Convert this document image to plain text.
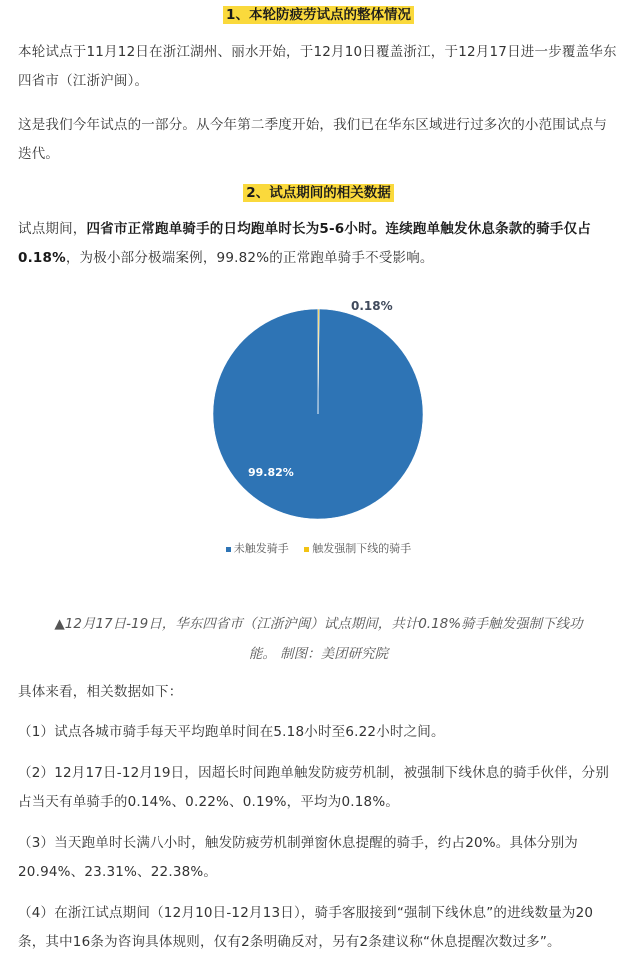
1、本轮防疲劳试点的整体情况

本轮试点于11月12日在浙江湖州、丽水开始，于12月10日覆盖浙江，于12月17日进一步覆盖华东四省市（江浙沪闽）。

这是我们今年试点的一部分。从今年第二季度开始，我们已在华东区域进行过多次的小范围试点与迭代。

2、试点期间的相关数据

试点期间，四省市正常跑单骑手的日均跑单时长为5-6小时。连续跑单触发休息条款的骑手仅占0.18%，为极小部分极端案例，99.82%的正常跑单骑手不受影响。

99.82%
0.18%
未触发骑手 触发强制下线的骑手
▲12月17日-19日，华东四省市（江浙沪闽）试点期间，共计0.18%骑手触发强制下线功
能。 制图：美团研究院

具体来看，相关数据如下：

（1）试点各城市骑手每天平均跑单时间在5.18小时至6.22小时之间。

（2）12月17日-12月19日，因超长时间跑单触发防疲劳机制，被强制下线休息的骑手伙伴，分别占当天有单骑手的0.14%、0.22%、0.19%，平均为0.18%。

（3）当天跑单时长满八小时，触发防疲劳机制弹窗休息提醒的骑手，约占20%。具体分别为20.94%、23.31%、22.38%。

（4）在浙江试点期间（12月10日-12月13日），骑手客服接到“强制下线休息”的进线数量为20条，其中16条为咨询具体规则，仅有2条明确反对，另有2条建议称“休息提醒次数过多”。
